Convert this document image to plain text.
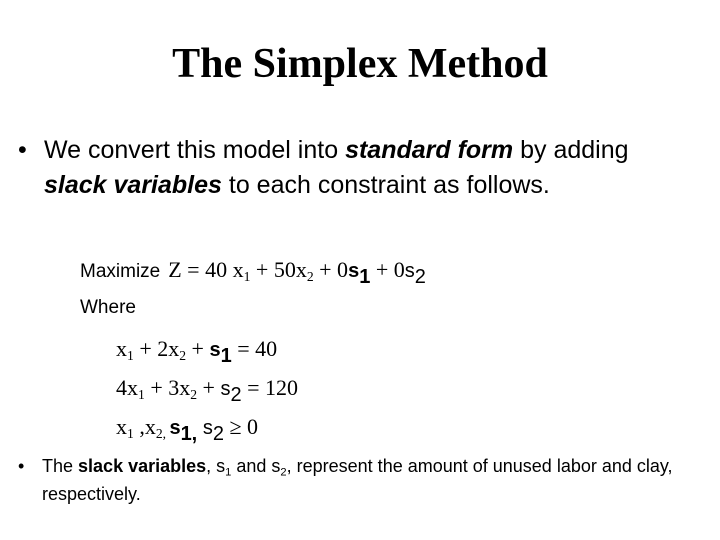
The Simplex Method
• We convert this model into standard form by adding slack variables to each constraint as follows.
Maximize Z = 40 $x_1 + 50x_2 + 0s_1 + 0s_2$
Where
$x_1 + 2x_2 + s_1 = 40$
$4x_1 + 3x_2 + s_2 = 120$
$x_1$ $,x_{2,}$ $s_{1,}$ $s_2 \ge 0$
• The slack variables, $s_1$ and $s_2$, represent the amount of unused labor and clay, respectively.
